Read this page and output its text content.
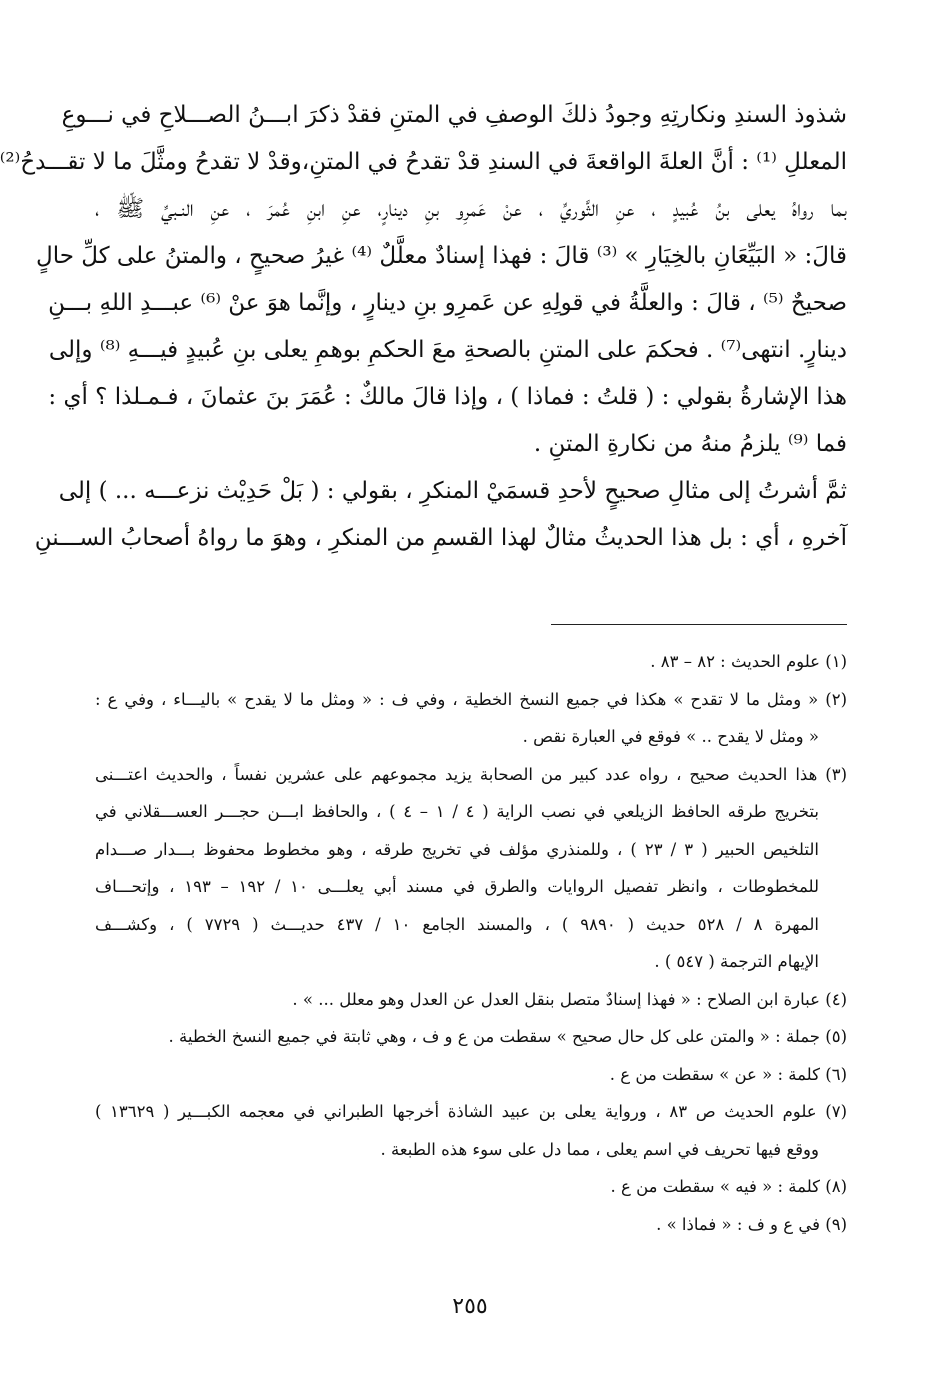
شذوذ السندِ ونكارتِهِ وجودُ ذلكَ الوصفِ في المتنِ فقدْ ذكرَ ابـــنُ الصـــلاحِ في نـــوعِ
المعللِ ⁽¹⁾ : أنَّ العلةَ الواقعةَ في السندِ قدْ تقدحُ في المتنِ،وقدْ لا تقدحُ ومثَّلَ ما لا تقـــدحُ⁽²⁾
بما رواهُ يعلى بنُ عُبيدٍ ، عنِ الثَّوريِّ ، عنْ عَمرِو بنِ دينارٍ، عنِ ابنِ عُمرَ ، عنِ النـبيِّ ﷺ ،
قالَ: « البَيِّعَانِ بالخِيَارِ » ⁽³⁾ قالَ : فهذا إسنادٌ معلَّلٌ ⁽⁴⁾ غيرُ صحيحٍ ، والمتنُ على كلِّ حالٍ
صحيحٌ ⁽⁵⁾ ، قالَ : والعلَّةُ في قولِهِ عن عَمرِو بنِ دينارٍ ، وإنَّما هوَ عنْ ⁽⁶⁾ عبـــدِ اللهِ بـــنِ
دينارٍ. انتهى⁽⁷⁾ . فحكمَ على المتنِ بالصحةِ معَ الحكمِ بوهمِ يعلى بنِ عُبيدٍ فيـــهِ ⁽⁸⁾ وإلى
هذا الإشارةُ بقولي : ( قلتُ : فماذا ) ، وإذا قالَ مالكٌ : عُمَرَ بنَ عثمانَ ، فـمـلذا ؟ أي :
فما ⁽⁹⁾ يلزمُ منهُ من نكارةِ المتنِ .
ثمَّ أشرتُ إلى مثالِ صحيحٍ لأحدِ قسمَيْ المنكرِ ، بقولي : ( بَلْ حَدِيْث نزعـــه ... ) إلى
آخرهِ ، أي : بل هذا الحديثُ مثالٌ لهذا القسمِ من المنكرِ ، وهوَ ما رواهُ أصحابُ الســـننِ
(١) علوم الحديث : ٨٢ – ٨٣ .
(٢) « ومثل ما لا تقدح » هكذا في جميع النسخ الخطية ، وفي ف : « ومثل ما لا يقدح » باليـــاء ، وفي ع :
« ومثل لا يقدح .. » فوقع في العبارة نقص .
(٣) هذا الحديث صحيح ، رواه عدد كبير من الصحابة يزيد مجموعهم على عشرين نفساً ، والحديث اعتـــنى
بتخريج طرقه الحافظ الزيلعي في نصب الراية ( ٤ / ١ – ٤ ) ، والحافظ ابـــن حجـــر العســـقلاني في
التلخيص الحبير ( ٣ / ٢٣ ) ، وللمنذري مؤلف في تخريج طرقه ، وهو مخطوط محفوظ بـــدار صـــدام
للمخطوطات ، وانظر تفصيل الروايات والطرق في مسند أبي يعلـــى ١٠ / ١٩٢ – ١٩٣ ، وإتحـــاف
المهرة ٨ / ٥٢٨ حديث ( ٩٨٩٠ ) ، والمسند الجامع ١٠ / ٤٣٧ حديـــث ( ٧٧٢٩ ) ، وكشـــف
الإيهام الترجمة ( ٥٤٧ ) .
(٤) عبارة ابن الصلاح : « فهذا إسنادٌ متصل بنقل العدل عن العدل وهو معلل ... » .
(٥) جملة : « والمتن على كل حال صحيح » سقطت من ع و ف ، وهي ثابتة في جميع النسخ الخطية .
(٦) كلمة : « عن » سقطت من ع .
(٧) علوم الحديث ص ٨٣ ، ورواية يعلى بن عبيد الشاذة أخرجها الطبراني في معجمه الكبـــير ( ١٣٦٢٩ )
ووقع فيها تحريف في اسم يعلى ، مما دل على سوء هذه الطبعة .
(٨) كلمة : « فيه » سقطت من ع .
(٩) في ع و ف : « فماذا » .
٢٥٥
